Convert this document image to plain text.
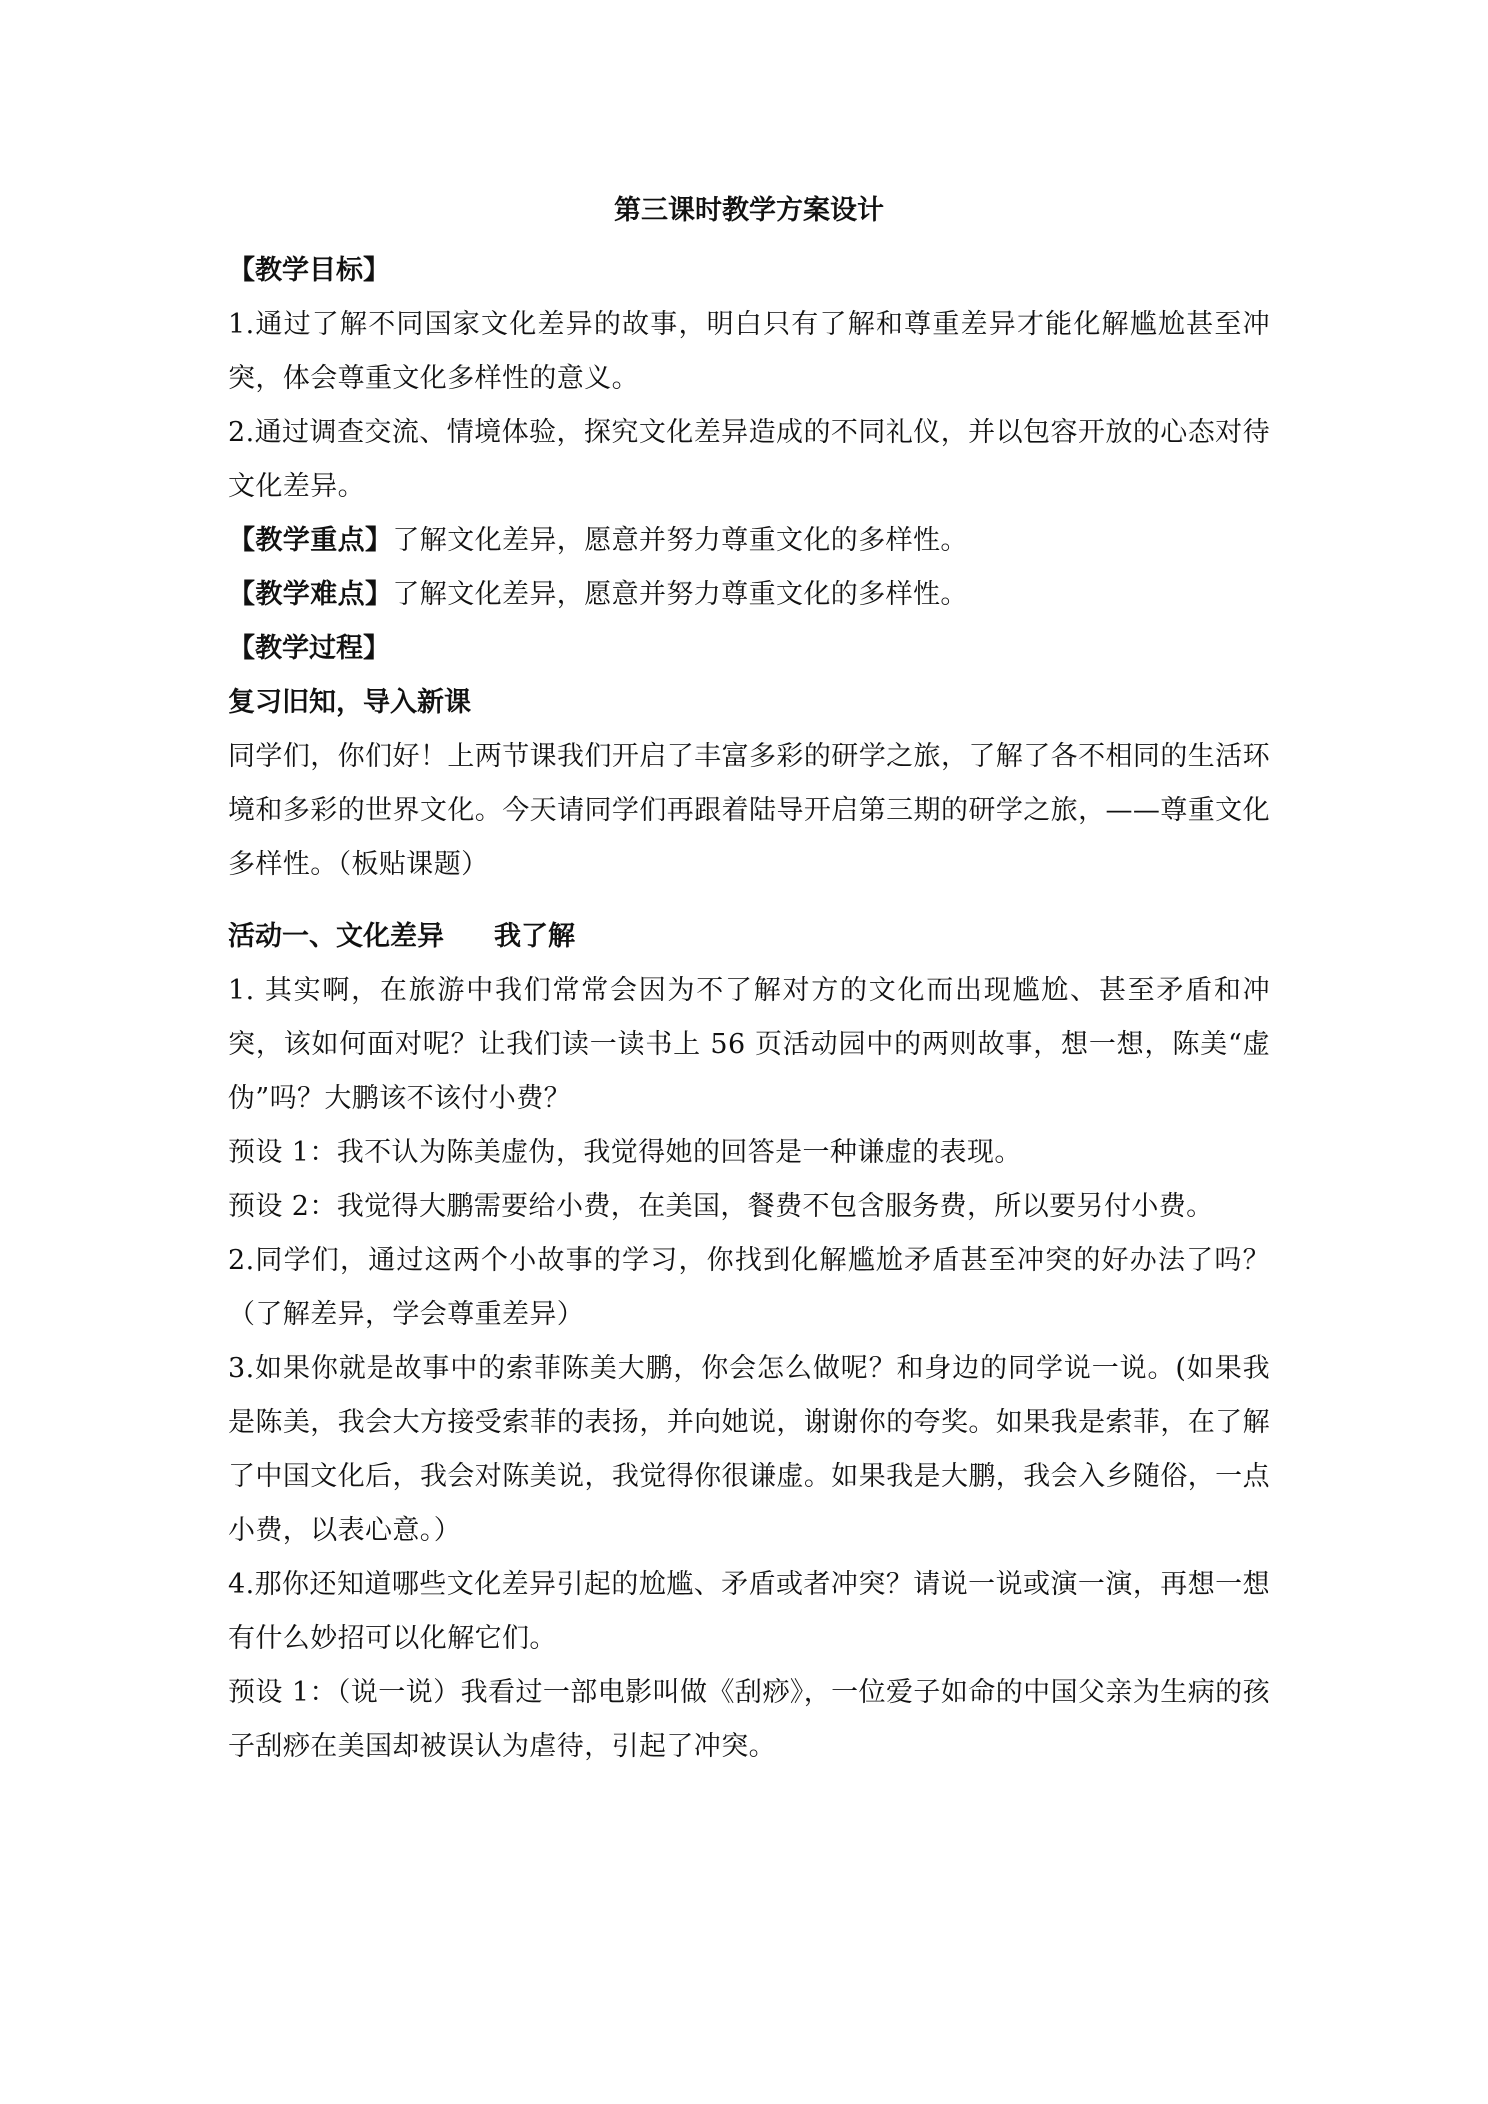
第三课时教学方案设计

【教学目标】

1.通过了解不同国家文化差异的故事，明白只有了解和尊重差异才能化解尴尬甚至冲突，体会尊重文化多样性的意义。

2.通过调查交流、情境体验，探究文化差异造成的不同礼仪，并以包容开放的心态对待文化差异。

【教学重点】了解文化差异，愿意并努力尊重文化的多样性。

【教学难点】了解文化差异，愿意并努力尊重文化的多样性。

【教学过程】

复习旧知，导入新课

同学们，你们好！上两节课我们开启了丰富多彩的研学之旅，了解了各不相同的生活环境和多彩的世界文化。今天请同学们再跟着陆导开启第三期的研学之旅，——尊重文化多样性。（板贴课题）

活动一、文化差异 我了解

1. 其实啊，在旅游中我们常常会因为不了解对方的文化而出现尴尬、甚至矛盾和冲突，该如何面对呢？让我们读一读书上 56 页活动园中的两则故事，想一想，陈美“虚伪”吗？大鹏该不该付小费？

预设 1：我不认为陈美虚伪，我觉得她的回答是一种谦虚的表现。

预设 2：我觉得大鹏需要给小费，在美国，餐费不包含服务费，所以要另付小费。

2.同学们，通过这两个小故事的学习，你找到化解尴尬矛盾甚至冲突的好办法了吗？（了解差异，学会尊重差异）

3.如果你就是故事中的索菲陈美大鹏，你会怎么做呢？和身边的同学说一说。(如果我是陈美，我会大方接受索菲的表扬，并向她说，谢谢你的夸奖。如果我是索菲，在了解了中国文化后，我会对陈美说，我觉得你很谦虚。如果我是大鹏，我会入乡随俗，一点小费，以表心意。）

4.那你还知道哪些文化差异引起的尬尴、矛盾或者冲突？请说一说或演一演，再想一想有什么妙招可以化解它们。

预设 1：（说一说）我看过一部电影叫做《刮痧》，一位爱子如命的中国父亲为生病的孩子刮痧在美国却被误认为虐待，引起了冲突。
